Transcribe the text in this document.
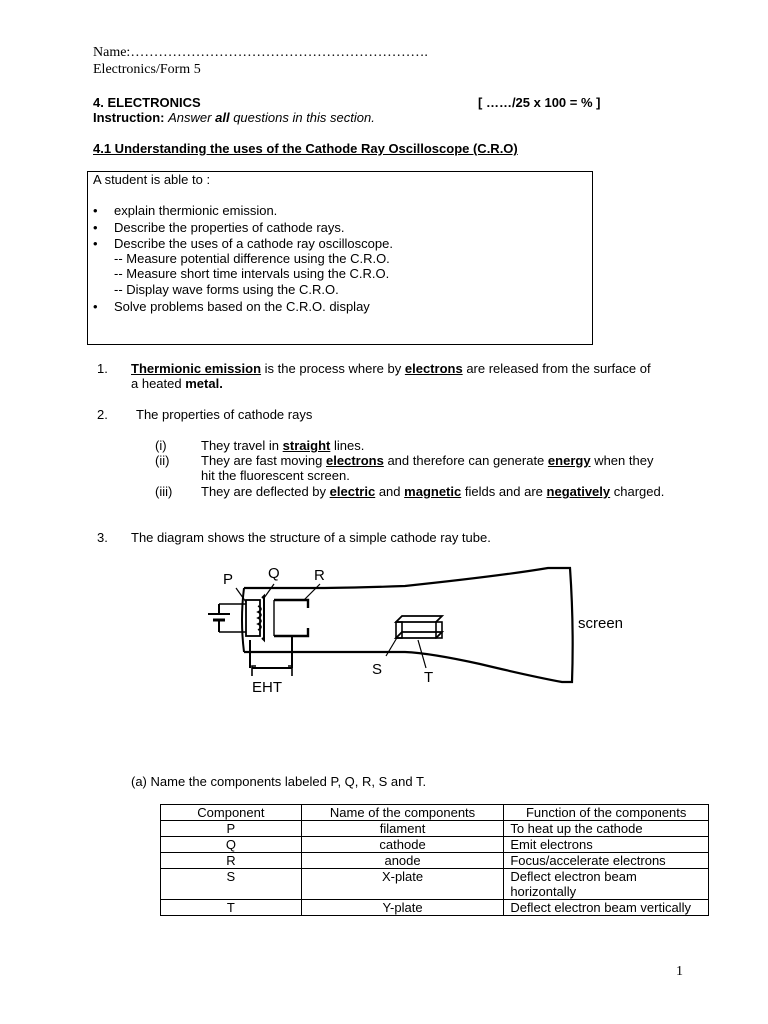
Name:……………………………………………………….
Electronics/Form 5
4. ELECTRONICS	[ ……/25 x 100 = % ]
Instruction: Answer all questions in this section.
4.1 Understanding the uses of the Cathode Ray Oscilloscope (C.R.O)
A student is able to :
• explain thermionic emission.
• Describe the properties of cathode rays.
• Describe the uses of a cathode ray oscilloscope.
-- Measure potential difference using the C.R.O.
-- Measure short time intervals using the C.R.O.
-- Display wave forms using the C.R.O.
• Solve problems based on the C.R.O. display
1. Thermionic emission is the process where by electrons are released from the surface of
a heated metal.
2. The properties of cathode rays
(i)	They travel in straight lines.
(ii) They are fast moving electrons and therefore can generate energy when they
hit the fluorescent screen.
(iii) They are deflected by electric and magnetic fields and are negatively charged.
3. The diagram shows the structure of a simple cathode ray tube.
P Q R
S	T
screen
EHT
(a) Name the components labeled P, Q, R, S and T.
Component	Name of the components	Function of the components
P	filament	To heat up the cathode
Q	cathode	Emit electrons
R	anode	Focus/accelerate electrons
S	X-plate	Deflect electron beam horizontally
T	Y-plate	Deflect electron beam vertically
1
